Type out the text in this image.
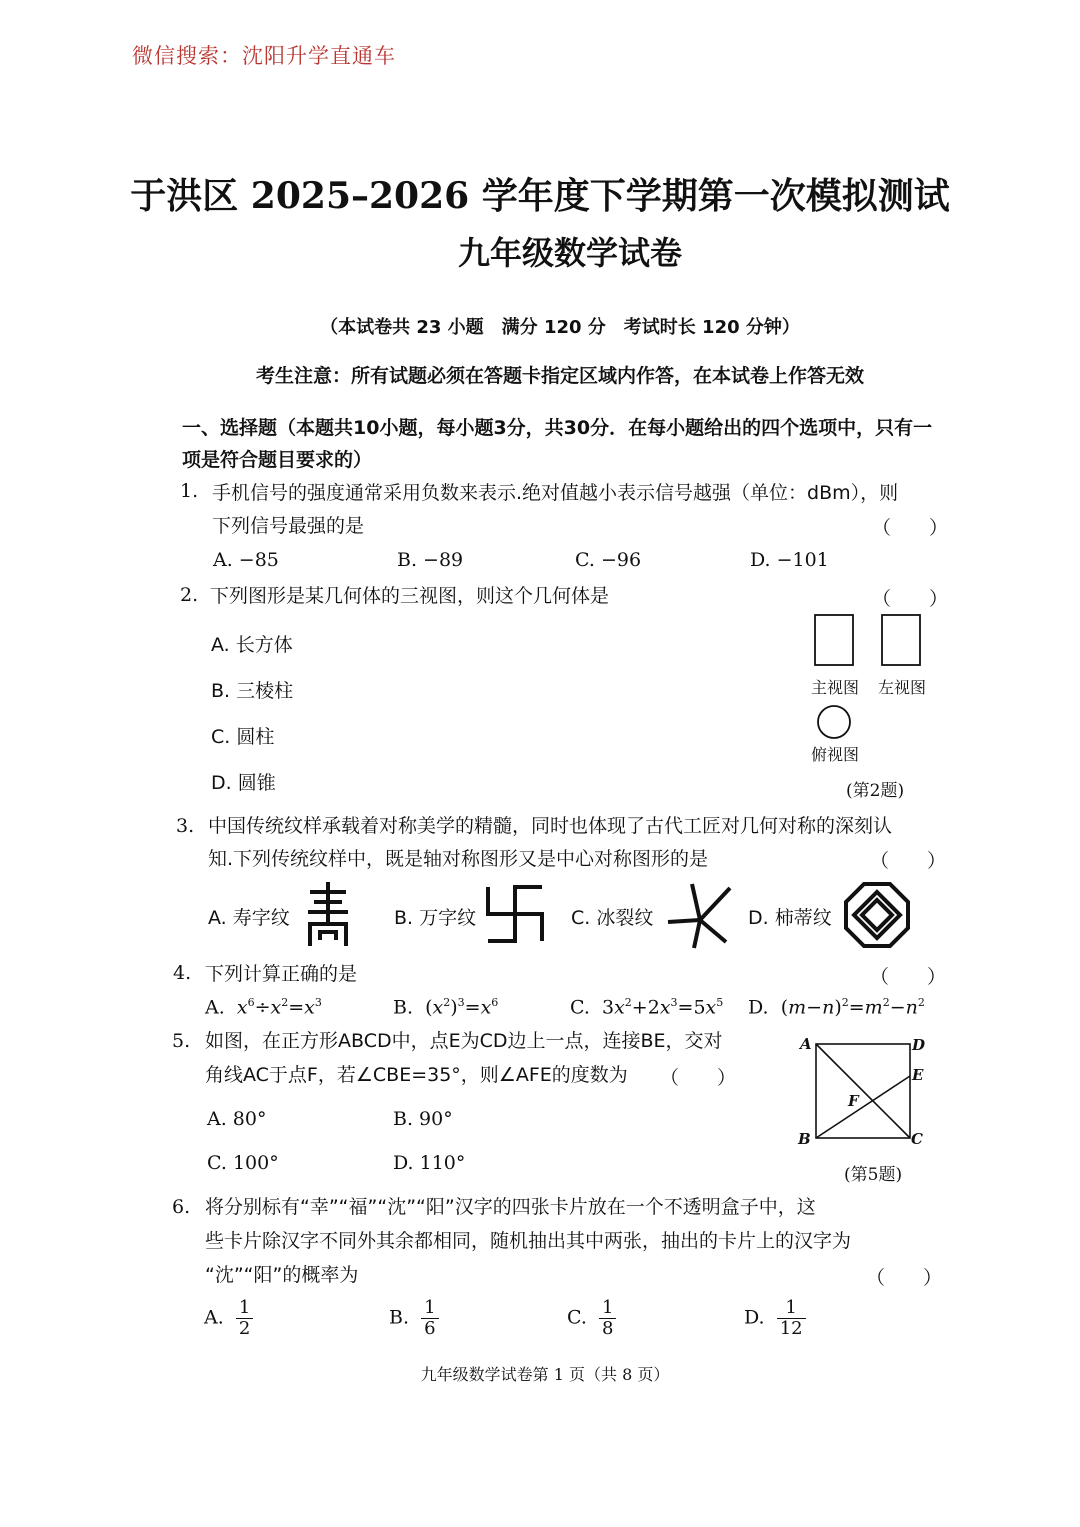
微信搜索：沈阳升学直通车
于洪区 2025–2026 学年度下学期第一次模拟测试
九年级数学试卷
（本试卷共 23 小题　满分 120 分　考试时长 120 分钟）
考生注意：所有试题必须在答题卡指定区域内作答，在本试卷上作答无效
一、选择题（本题共10小题，每小题3分，共30分．在每小题给出的四个选项中，只有一项是符合题目要求的）
1. 手机信号的强度通常采用负数来表示.绝对值越小表示信号越强（单位：dBm），则
下列信号最强的是	（　　）
A. −85	B. −89	C. −96	D. −101
2. 下列图形是某几何体的三视图，则这个几何体是	（　　）
A. 长方体
B. 三棱柱
C. 圆柱
D. 圆锥
主视图 左视图
俯视图
(第2题)
3. 中国传统纹样承载着对称美学的精髓，同时也体现了古代工匠对几何对称的深刻认
知.下列传统纹样中，既是轴对称图形又是中心对称图形的是	（　　）
A. 寿字纹	B. 万字纹	C. 冰裂纹	D. 柿蒂纹
4. 下列计算正确的是	（　　）
A. $x^6\div x^2=x^3$	B.  $(x^2)^3=x^6$	C.  $3x^2+2x^3=5x^5$ D.  $(m-n)^2=m^2-n^2$
5. 如图，在正方形ABCD中，点E为CD边上一点，连接BE，交对
角线AC于点F，若∠CBE=35°，则∠AFE的度数为 （　　）
A. 80°	B. 90°
C. 100°	D. 110°
A	D
E
F
B	C
(第5题)
6. 将分别标有“幸”“福”“沈”“阳”汉字的四张卡片放在一个不透明盒子中，这
些卡片除汉字不同外其余都相同，随机抽出其中两张，抽出的卡片上的汉字为
“沈”“阳”的概率为	（　　）
A. $\frac{1}{2}$	B. $\frac{1}{6}$	C. $\frac{1}{8}$	D. $\frac{1}{12}$
九年级数学试卷第 1 页（共 8 页）
